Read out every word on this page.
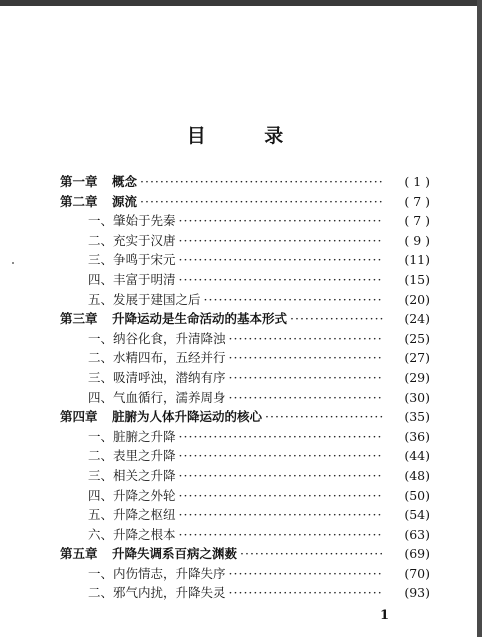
目 录
第一章	概念 ·····	( 1 )
第二章	源流 ·····	( 7 )
一、 肇始于先秦 ·····	( 7 )
二、 充实于汉唐 ·····	( 9 )
三、 争鸣于宋元 ·····	(11)
四、 丰富于明清 ·····	(15)
五、 发展于建国之后 ·····	(20)
第三章	升降运动是生命活动的基本形式 ·····	(24)
一、 纳谷化食，升清降浊 ·····	(25)
二、 水精四布，五经并行 ·····	(27)
三、 吸清呼浊，潜纳有序 ·····	(29)
四、 气血循行，濡养周身 ·····	(30)
第四章	脏腑为人体升降运动的核心 ·····	(35)
一、 脏腑之升降 ·····	(36)
二、 表里之升降 ·····	(44)
三、 相关之升降 ·····	(48)
四、 升降之外轮 ·····	(50)
五、 升降之枢纽 ·····	(54)
六、 升降之根本 ·····	(63)
第五章	升降失调系百病之渊薮 ·····	(69)
一、 内伤情志，升降失序 ·····	(70)
二、 邪气内扰，升降失灵 ·····	(93)
1
